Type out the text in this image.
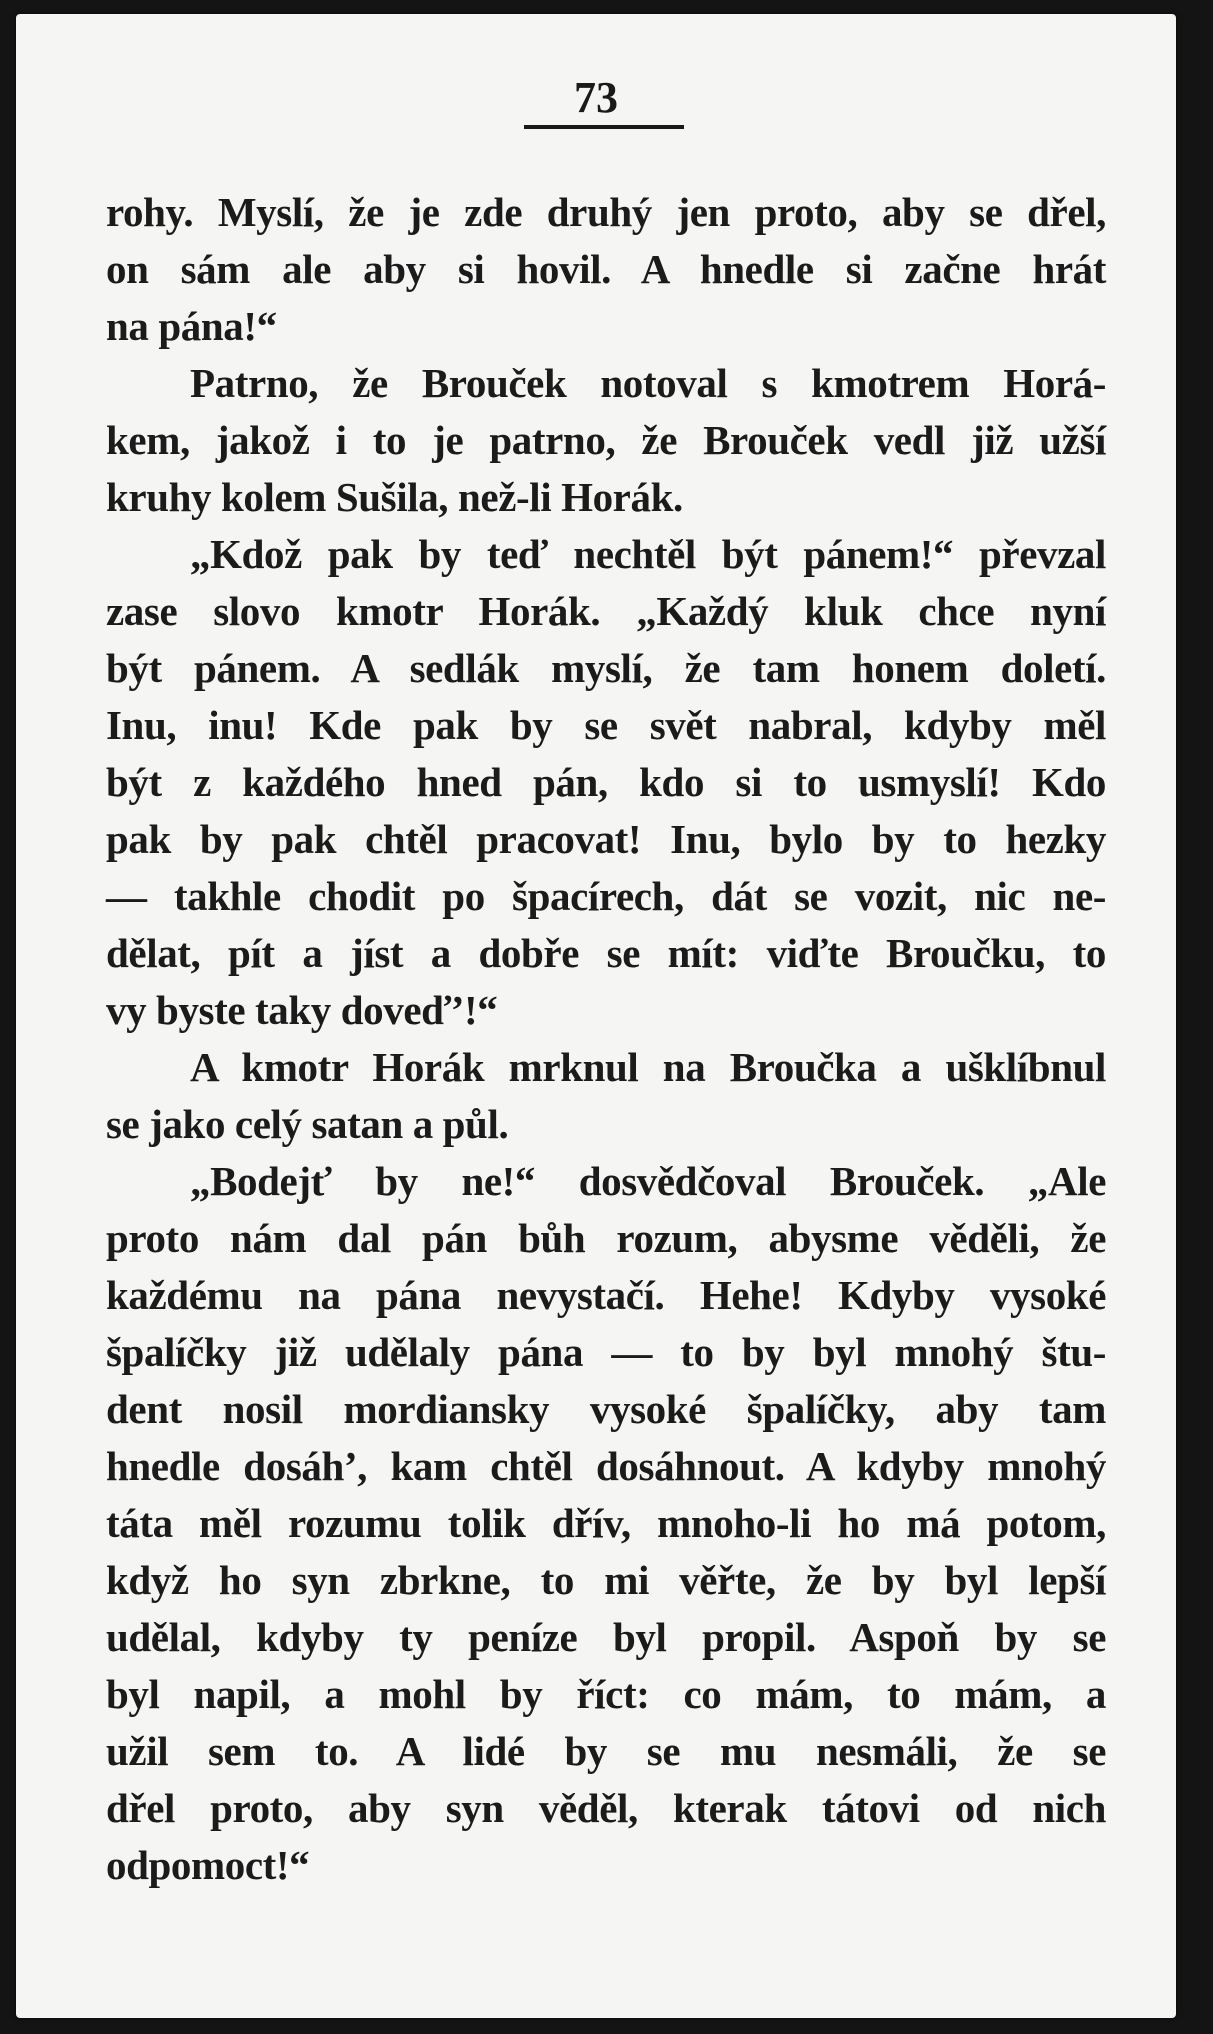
73
rohy. Myslí, že je zde druhý jen proto, aby se dřel,
on sám ale aby si hovil. A hnedle si začne hrát
na pána!“
Patrno, že Brouček notoval s kmotrem Horá-
kem, jakož i to je patrno, že Brouček vedl již užší
kruhy kolem Sušila, než-li Horák.
„Kdož pak by teď nechtěl být pánem!“ převzal
zase slovo kmotr Horák. „Každý kluk chce nyní
být pánem. A sedlák myslí, že tam honem doletí.
Inu, inu! Kde pak by se svět nabral, kdyby měl
být z každého hned pán, kdo si to usmyslí! Kdo
pak by pak chtěl pracovat! Inu, bylo by to hezky
— takhle chodit po špacírech, dát se vozit, nic ne-
dělat, pít a jíst a dobře se mít: viďte Broučku, to
vy byste taky doveď’!“
A kmotr Horák mrknul na Broučka a ušklíbnul
se jako celý satan a půl.
„Bodejť by ne!“ dosvědčoval Brouček. „Ale
proto nám dal pán bůh rozum, abysme věděli, že
každému na pána nevystačí. Hehe! Kdyby vysoké
špalíčky již udělaly pána — to by byl mnohý štu-
dent nosil mordiansky vysoké špalíčky, aby tam
hnedle dosáh’, kam chtěl dosáhnout. A kdyby mnohý
táta měl rozumu tolik dřív, mnoho-li ho má potom,
když ho syn zbrkne, to mi věřte, že by byl lepší
udělal, kdyby ty peníze byl propil. Aspoň by se
byl napil, a mohl by říct: co mám, to mám, a
užil sem to. A lidé by se mu nesmáli, že se
dřel proto, aby syn věděl, kterak tátovi od nich
odpomoct!“
